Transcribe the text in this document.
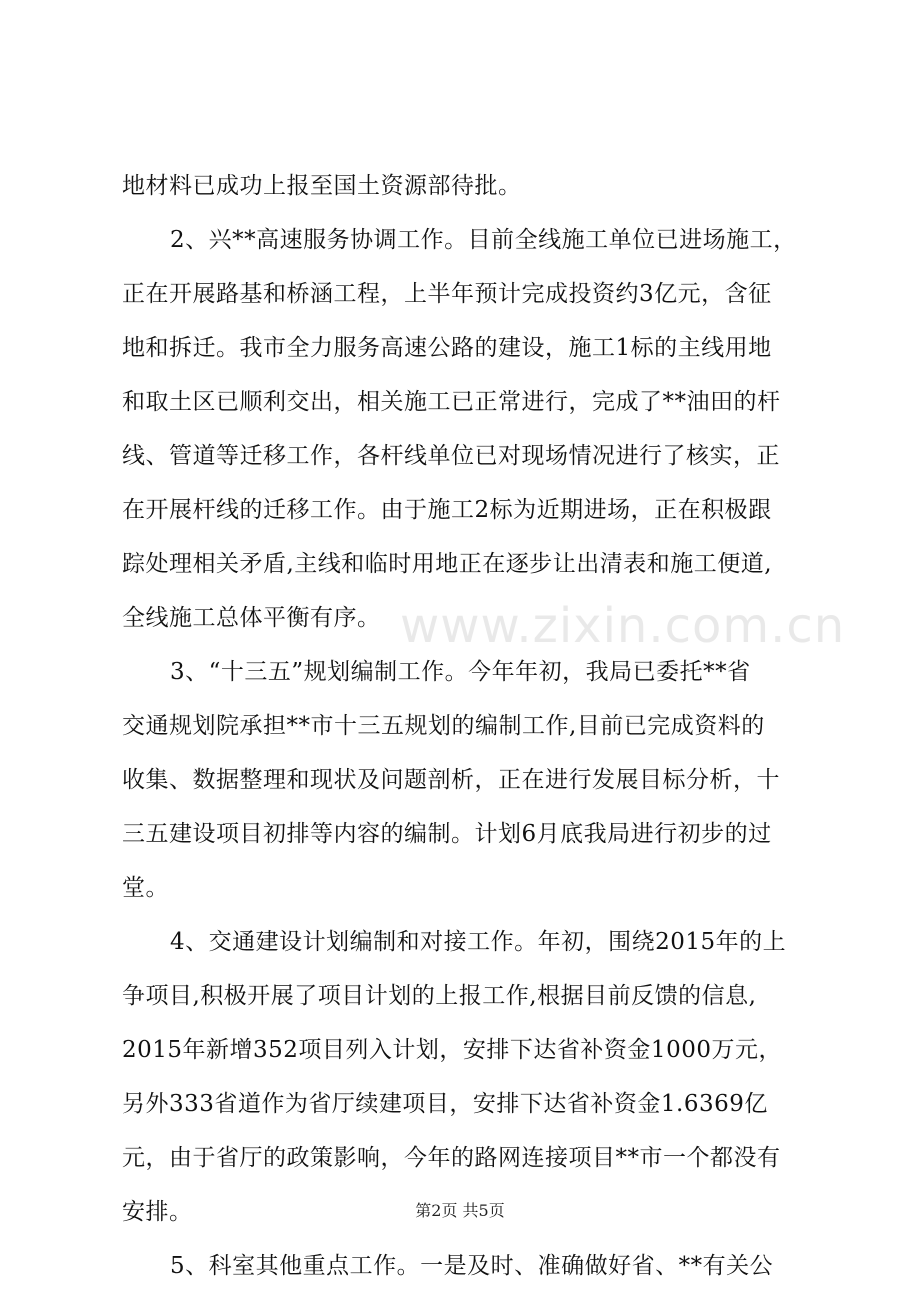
www.zixin.com.cn
地材料已成功上报至国土资源部待批。
2、兴**高速服务协调工作。目前全线施工单位已进场施工，
正在开展路基和桥涵工程，上半年预计完成投资约3亿元，含征
地和拆迁。我市全力服务高速公路的建设，施工1标的主线用地
和取土区已顺利交出，相关施工已正常进行，完成了**油田的杆
线、管道等迁移工作，各杆线单位已对现场情况进行了核实，正
在开展杆线的迁移工作。由于施工2标为近期进场，正在积极跟
踪处理相关矛盾,主线和临时用地正在逐步让出清表和施工便道,
全线施工总体平衡有序。
3、“十三五”规划编制工作。今年年初，我局已委托**省
交通规划院承担**市十三五规划的编制工作,目前已完成资料的
收集、数据整理和现状及问题剖析，正在进行发展目标分析，十
三五建设项目初排等内容的编制。计划6月底我局进行初步的过
堂。
4、交通建设计划编制和对接工作。年初，围绕2015年的上
争项目,积极开展了项目计划的上报工作,根据目前反馈的信息,
2015年新增352项目列入计划，安排下达省补资金1000万元，
另外333省道作为省厅续建项目，安排下达省补资金1.6369亿
元，由于省厅的政策影响，今年的路网连接项目**市一个都没有
安排。
5、科室其他重点工作。一是及时、准确做好省、**有关公
第2页 共5页
